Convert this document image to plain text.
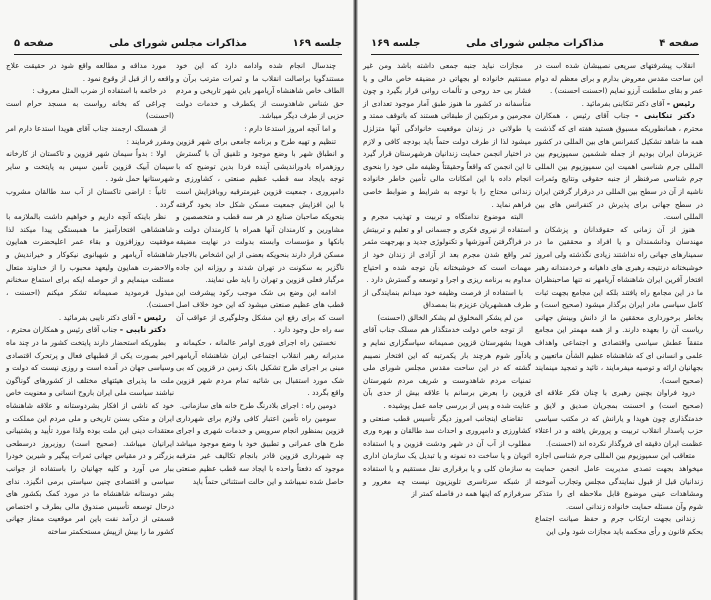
صفحه ۵	مذاکرات مجلس شورای ملی	جلسه ۱۶۹

چندسال انجام شده وادامه دارد که این خود مستندگویا براصالت انقلاب ما و ثمرات مترتب برآن و الطاف خاص شاهنشاه آریامهر باین شهر تاریخی و مردم حق شناس شاهدوست از یکطرف و خدمات دولت حزبی از طرف دیگر میباشد.

و اما آنچه امروز استدعا دارم :

تنظیم و تهیه طرح و برنامه جامعی برای شهر قزوین و انطباق شهر با وضع موجود و تلفیق آن با گسترش روزهمراه بادوراندیشی آینده فردا بدین توضیح که با توجه بایجاد سه قطب عظیم صنعتی ، کشاورزی و دامپروری ، جمعیت قزوین غیرمترقبه روبافزایش است با این افزایش جمعیت مسکن شکل حاد بخود گرفته بنحویکه صاحبان صنایع در هر سه قطب و متخصصین و مشاورین و کارمندان آنها همراه با کارمندان دولت و بانکها و مؤسسات وابسته بدولت در نهایت مضیقه مسکن قرار دارند بنحویکه بعضی از این اشخاص بالاجبار ناگزیر به سکونت در تهران شدند و روزانه این جاده مرگبار فعلی قزوین و تهران را باید طی نمایند.

ادامه این وضع بی شک موجب رکود پیشرفت این قطب های عظیم صنعتی میشود که این خود خلاف اصل است که برای رفع این مشکل وجلوگیری از عواقب آن سه راه حل وجود دارد .

نخستین راه اجرای فوری اوامر عالمانه ، حکیمانه و مدبرانه رهبر انقلاب اجتماعی ایران شاهنشاه آریامهر مبنی بر اجرای طرح تشکیل بانک زمین در قزوین که بی شک مورد استقبال بی شائبه تمام مردم شهر قزوین واقع بگردد .

دومین راه : اجرای بلادرنگ طرح خانه های سازمانی.

سومین راه تأمین اعتبار کافی ولازم برای شهرداری قزوین بمنظور انجام سرویس و خدمات شهری و اجرای طرح های عمرانی و تطبیق خود با وضع موجود میباشد چه شهرداری قزوین قادر بانجام تکالیف غیر مترقبه موجود که دفعتاً واحده با ایجاد سه قطب عظیم صنعتی حاصل شده نمیباشد و این حالت استثنائی حتماً باید

مورد مداقه و مطالعه واقع شود در حقیقت علاج واقعه را از قبل از وقوع نمود .

در خاتمه با استفاده از ضرب المثل معروف :

چراغی که بخانه رواست به مسجد حرام است (احسنت)

از همسلک ارجمند جناب آقای هویدا استدعا دارم امر ومقرر فرمایند :

اولا : بدواً سیمان شهر قزوین و تاکستان از کارخانه سیمان آبیک قزوین تأمین سپس به پایتخت و سایر شهرستانها حمل شود .

ثانیاً : اراضی تاکستان از آب سد طالقان مشروب گردد .

نظر باینکه آنچه داریم و خواهیم داشت بالملازمه با شاهنشاهی افتخارآمیز ما همبستگی پیدا میکند لذا موفقیت روزافزون و بقاء عمر اعلیحضرت همایون شاهنشاه آریامهر و شهبانوی نیکوکار و خیراندیش و والاحضرت همایون ولیعهد محبوب را از خداوند متعال مسئلت مینمایم و از حوصله ایکه برای استماع سخنانم مبذول فرمودید صمیمانه تشکر میکنم (احسنت ، احسنت).

رئیس - آقای دکتر نایبی بفرمائید .

دکتر نایبی - جناب آقای رئیس و همکاران محترم ،

بطوریکه استحضار دارند پایتخت کشور ما در چند ماه اخیر بصورت یکی از قطبهای فعال و پرتحرک اقتصادی وسیاسی جهان در آمده است و روزی نیست که دولت و ملت ما پذیرای هیئتهای مختلف از کشورهای گوناگون نباشند سیاست ملی ایران باروح انسانی و معنویت خاص خود که ناشی از افکار بشردوستانه و علاقه شاهنشاه ایران و متکی بسنن تاریخی و ملی مردم این مملکت و معتقدات دینی این ملت بوده ولذا مورد تأیید و پشتیبانی ایرانیان میباشد. (صحیح است) روزبروز درسطحی بزرگتر و در مقیاس جهانی ثمرات پیگیر و شیرین خودرا ببار می آورد و کلیه جهانیان را باستفاده از جوانب سیاسی و اقتصادی چنین سیاستی برمی انگیزد. ندای بشر دوستانه شاهنشاه ما در مورد کمک بکشور های درحال توسعه تأسیس صندوق مالی بطرف و اختصاص قسمتی از درآمد نفت باین امر موقعیت ممتاز جهانی کشور ما را بیش ازپیش مستحکمتر ساخته

جلسه ۱۶۹	مذاکرات مجلس شورای ملی	صفحه ۴

انقلاب پیشرفتهای سریعی نصیبشان شده است در این ساحت مقدس معروض بدارم و برای معظم له دوام عمر و بقای سلطنت آرزو نمایم (احسنت احسنت) .

رئیس - آقای دکتر تنکابنی بفرمائید .

دکتر تنکابنی - جناب آقای رئیس ، همکاران محترم ، همانطوریکه مسبوق هستید هفته ای که گذشت همه ما شاهد تشکیل کنفرانس های بین المللی در کشور عزیزمان ایران بودیم از جمله ششمین سمپوزیوم بین المللی جرم شناسی اهمیت این سمپوزیوم بین المللی جرم شناسی صرفنظر از جنبه حقوقی ونتایج وثمرات ناشیه از آن در سطح بین المللی در درقرار گرفتن ایران در سطح جهانی برای پذیرش در کنفرانس های بین المللی است.

هنوز از آن زمانی که حقوقدانان و پزشکان و مهندسان ودانشمندان و یا افراد و محققین ما در سمینارهای جهانی راه نداشتند زیادی نگذشته ولی امروز خوشبختانه درنتیجه رهبری های داهیانه و خردمندانه رهبر افتخار آفرین ایران شاهنشاه آریامهر نه تنها صاحبنظران ما در این مجامع راه یافتند بلکه این مجامع بجهت ثبات کامل سیاسی مادر ایران برگذار میشود (صحیح است) و بخاطر برخورداری محققین ما از دانش وبینش جهانی ریاست آن را بعهده دارند. و از همه مهمتر این مجامع متفقاً عطش سیاسی واقتصادی و اجتماعی واهداف علمی و انسانی ای که شاهنشاه عظیم الشأن ماتعیین و بجهانیان ارائه و توصیه میفرمایند ، تائید و تمجید مینمایند (صحیح است).

درود فراوان بچنین رهبری با چنان فکر علاقه ای (صحیح است) و احسنت بمجریان صدیق و لایق و خدمتگذاری چون هویدا و یارانش که در مکتب سیاسی حزب پاسدار انقلاب تربیت و پرورش یافته و در اعتلاء عظمت ایران دقیقه ای فروگذار نکرده اند (احسنت).

متعاقب این سمپوزیوم بین المللی جرم شناسی اجازه میخواهد بجهت تصدی مدیریت عامل انجمن حمایت زندانیان قبل از قبول نمایندگی مجلس وتجارب آموخته ومشاهدات عینی موضوع قابل ملاحظه ای را متذکر شوم وآن مسئله حمایت خانواده زندانی است.

زندانی بجهت ارتکاب جرم و حفظ صیانت اجتماع بحکم قانون و رأی محکمه باید مجازات شود ولی این

مجازات نباید جنبه جمعی داشته باشد ومن غیر مستقیم خانواده او بجهاتی در مضیقه خاص مالی و یا فشار بی حد روحی و تألمات روانی قرار بگیرد و چون متأسفانه در کشور ما هنوز طبق آمار موجود تعدادی از مجرمین و مرتکبین از طبقاتی هستند که باتوقف ممتد و یا طولانی در زندان موقعیت خانوادگی آنها متزلزل میشود لذا از طرف دولت حتماً باید بودجه کافی و لازم در اختیار انجمن حمایت زندانیان هرشهرستان قرار گیرد تا این انجمن که واقعاً وحقیقتاً وظیفه ملی خود را بنحوی انجام داده با این امکانات مالی تأمین خاطر خانواده زندانی محتاج را با توجه به شرایط و ضوابط خاصی فراهم نماید .

البته موضوع ندامتگاه و تربیت و تهذیب مجرم و استفاده از نیروی فکری و جسمانی او و تعلیم و تربیتش در فراگرفتن آموزشها و تکنولوژی جدید و بهرجهت مثمر ثمر واقع شدن مجرم بعد از آزادی از زندان خود از مهمات است که خوشبختانه بآن توجه شده و احتیاج مداوم به برنامه ریزی و اجرا و توسعه و گسترش دارد .

با استفاده از فرصت وظیفه خود میدانم بنمایندگی از طرف همشهریان عزیزم بنا بمصداق

من لم یشکر المخلوق لم یشکر الخالق (احسنت)

از توجه خاص دولت خدمتگذار هم مسلک جناب آقای هویدا بشهرستان قزوین صمیمانه سپاسگزاری نمایم و یادآور شوم هرچند بار یکمرتبه که این افتخار نصیبم گشته که در این ساحت مقدس مجلس شورای ملی تمنیات مردم شاهدوست و شریف مردم شهرستان قزوین را بعرض برسانم با علاقه بیش از حدی بآن عنایت شده و پس از بررسی جامه عمل پوشیده .

تقاضای اینجانب امروز دیگر تأسیس قطب صنعتی و کشاورزی و دامپروری و احداث سد طالقان و بهره وری مطلوب از آب آن در شهر ودشت قزوین و یا استفاده اتوبان و یا ساخت ده نمونه و یا تبدیل یک سازمان اداری به سازمان کلی و یا برقراری نقل مستقیم و یا استفاده از شبکه سرتاسری تلویزیون نیست چه مغرور و سرفرازم که اینها همه در فاصله کمتر از
